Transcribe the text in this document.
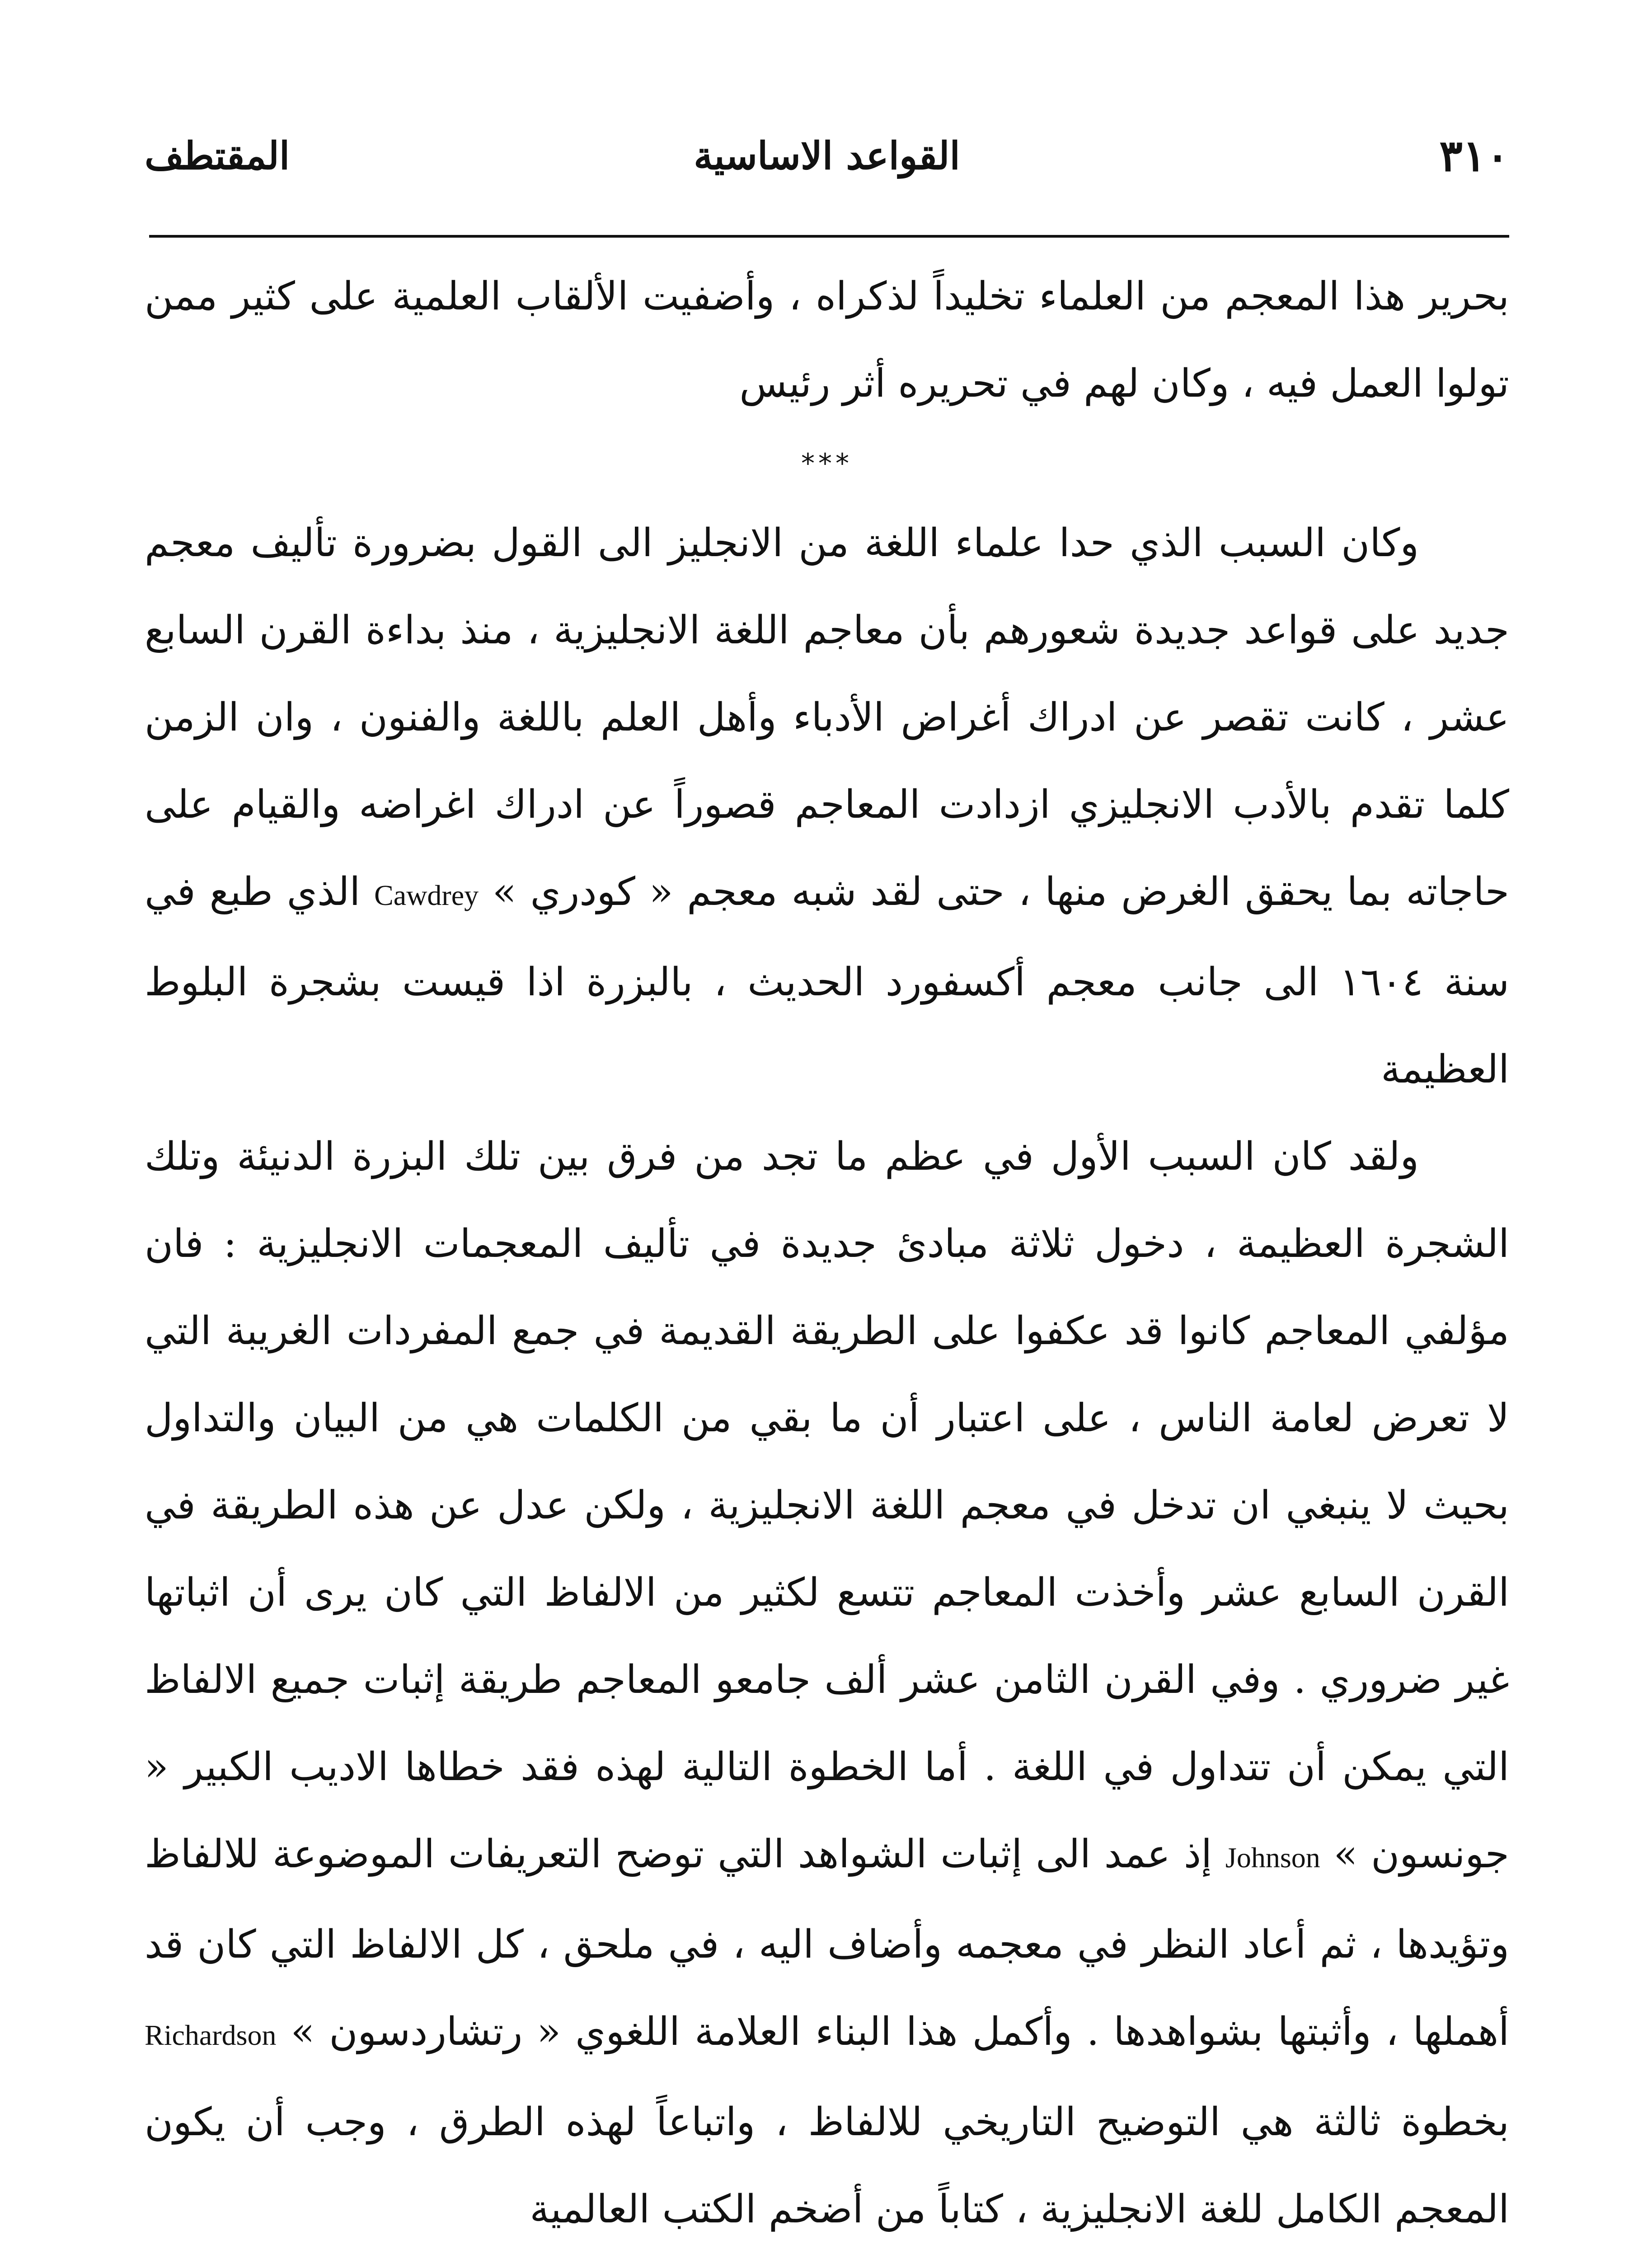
٣١٠
القواعد الاساسية
المقتطف

بحرير هذا المعجم من العلماء تخليداً لذكراه ، وأضفيت الألقاب العلمية على كثير ممن تولوا العمل فيه ، وكان لهم في تحريره أثر رئيس

***

وكان السبب الذي حدا علماء اللغة من الانجليز الى القول بضرورة تأليف معجم جديد على قواعد جديدة شعورهم بأن معاجم اللغة الانجليزية ، منذ بداءة القرن السابع عشر ، كانت تقصر عن ادراك أغراض الأدباء وأهل العلم باللغة والفنون ، وان الزمن كلما تقدم بالأدب الانجليزي ازدادت المعاجم قصوراً عن ادراك اغراضه والقيام على حاجاته بما يحقق الغرض منها ، حتى لقد شبه معجم « كودري » Cawdrey الذي طبع في سنة ١٦٠٤ الى جانب معجم أكسفورد الحديث ، بالبزرة اذا قيست بشجرة البلوط العظيمة

ولقد كان السبب الأول في عظم ما تجد من فرق بين تلك البزرة الدنيئة وتلك الشجرة العظيمة ، دخول ثلاثة مبادئ جديدة في تأليف المعجمات الانجليزية : فان مؤلفي المعاجم كانوا قد عكفوا على الطريقة القديمة في جمع المفردات الغريبة التي لا تعرض لعامة الناس ، على اعتبار أن ما بقي من الكلمات هي من البيان والتداول بحيث لا ينبغي ان تدخل في معجم اللغة الانجليزية ، ولكن عدل عن هذه الطريقة في القرن السابع عشر وأخذت المعاجم تتسع لكثير من الالفاظ التي كان يرى أن اثباتها غير ضروري . وفي القرن الثامن عشر ألف جامعو المعاجم طريقة إثبات جميع الالفاظ التي يمكن أن تتداول في اللغة . أما الخطوة التالية لهذه فقد خطاها الاديب الكبير « جونسون » Johnson إذ عمد الى إثبات الشواهد التي توضح التعريفات الموضوعة للالفاظ وتؤيدها ، ثم أعاد النظر في معجمه وأضاف اليه ، في ملحق ، كل الالفاظ التي كان قد أهملها ، وأثبتها بشواهدها . وأكمل هذا البناء العلامة اللغوي « رتشاردسون » Richardson بخطوة ثالثة هي التوضيح التاريخي للالفاظ ، واتباعاً لهذه الطرق ، وجب أن يكون المعجم الكامل للغة الانجليزية ، كتاباً من أضخم الكتب العالمية
